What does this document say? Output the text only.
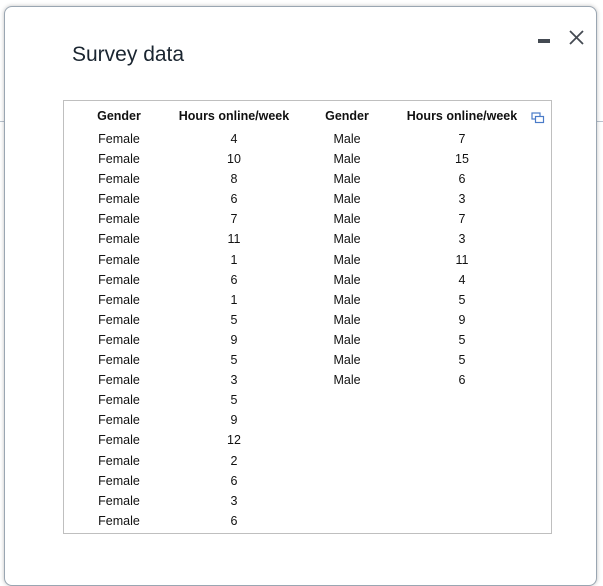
Survey data
Gender
Female
Female
Female
Female
Female
Female
Female
Female
Female
Female
Female
Female
Female
Female
Female
Female
Female
Female
Female
Female
Hours online/week
4
10
8
6
7
11
1
6
1
5
9
5
3
5
9
12
2
6
3
6
Gender
Male
Male
Male
Male
Male
Male
Male
Male
Male
Male
Male
Male
Male
Hours online/week
7
15
6
3
7
3
11
4
5
9
5
5
6
